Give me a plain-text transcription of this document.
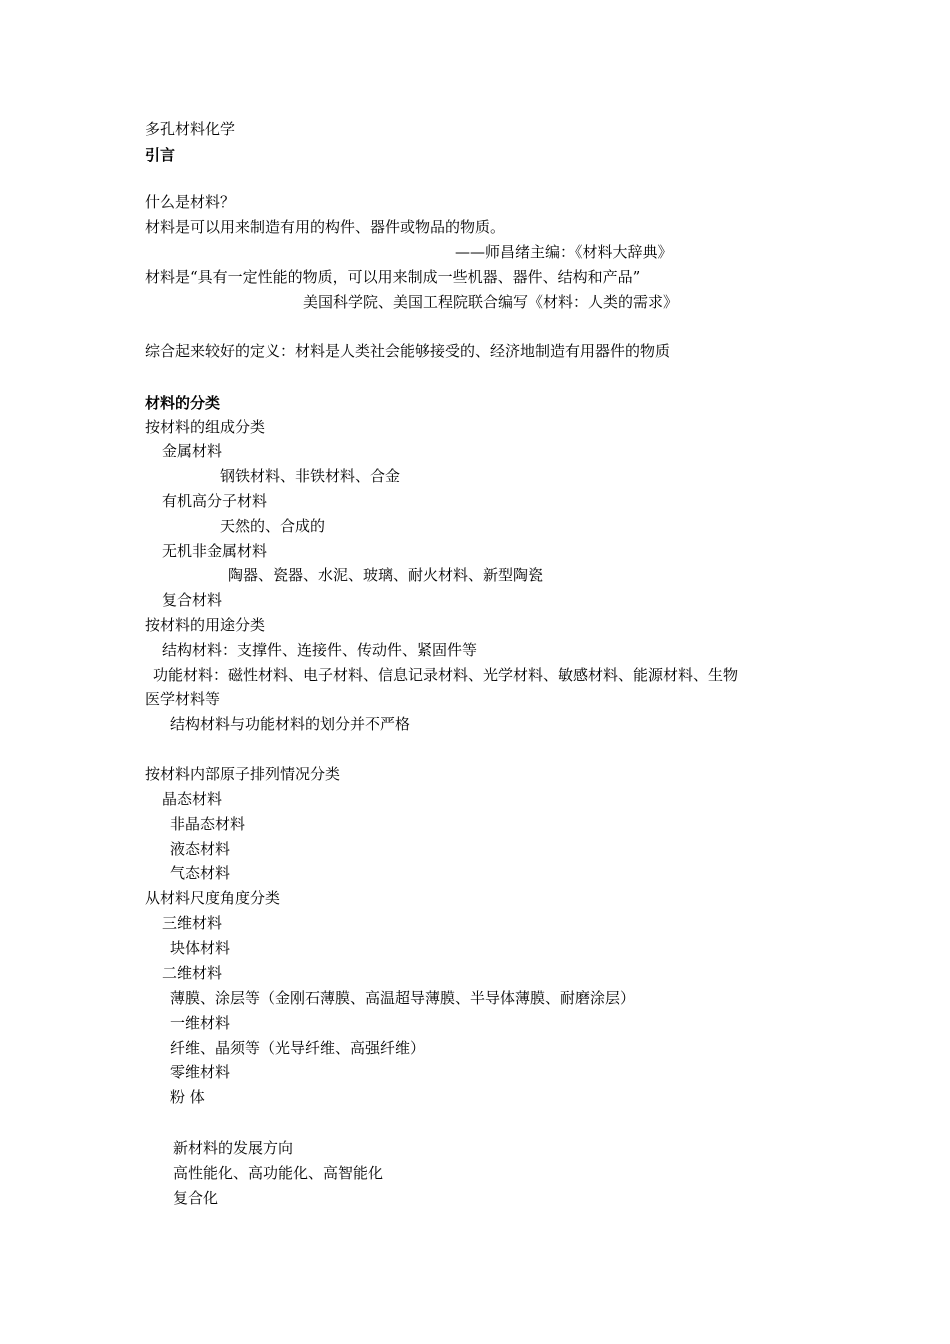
多孔材料化学
引言
什么是材料？
材料是可以用来制造有用的构件、器件或物品的物质。
——师昌绪主编：《材料大辞典》
材料是“具有一定性能的物质，可以用来制成一些机器、器件、结构和产品”
美国科学院、美国工程院联合编写《材料：人类的需求》
综合起来较好的定义：材料是人类社会能够接受的、经济地制造有用器件的物质
材料的分类
按材料的组成分类
金属材料
钢铁材料、非铁材料、合金
有机高分子材料
天然的、合成的
无机非金属材料
陶器、瓷器、水泥、玻璃、耐火材料、新型陶瓷
复合材料
按材料的用途分类
结构材料：支撑件、连接件、传动件、紧固件等
功能材料：磁性材料、电子材料、信息记录材料、光学材料、敏感材料、能源材料、生物
医学材料等
结构材料与功能材料的划分并不严格
按材料内部原子排列情况分类
晶态材料
非晶态材料
液态材料
气态材料
从材料尺度角度分类
三维材料
块体材料
二维材料
薄膜、涂层等（金刚石薄膜、高温超导薄膜、半导体薄膜、耐磨涂层）
一维材料
纤维、晶须等（光导纤维、高强纤维）
零维材料
粉 体
新材料的发展方向
高性能化、高功能化、高智能化
复合化
